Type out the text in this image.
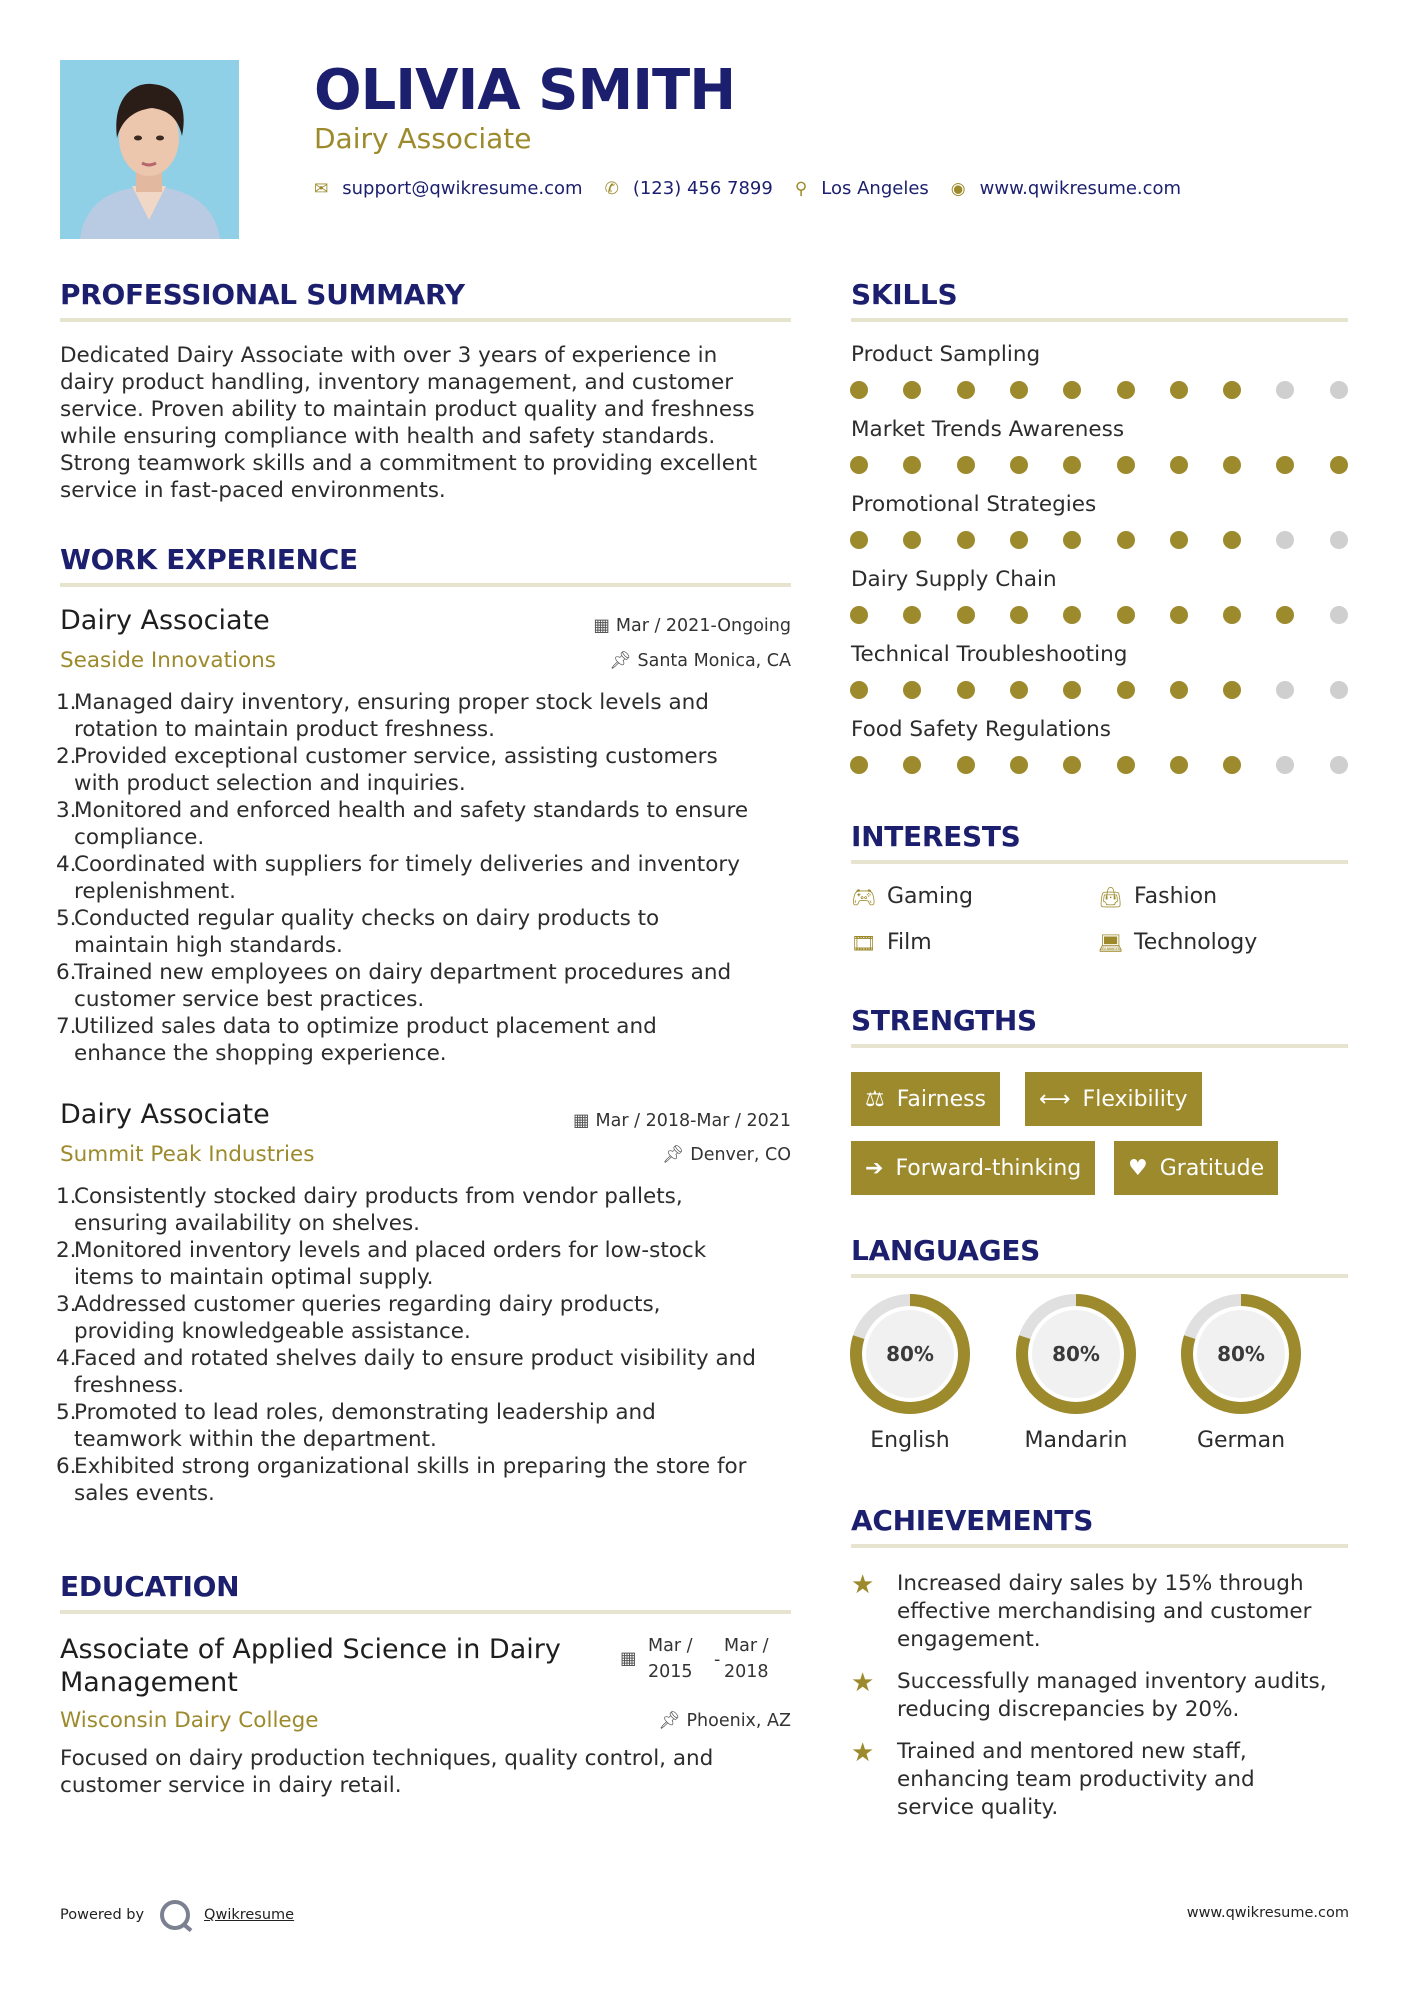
OLIVIA SMITH
Dairy Associate
✉ support@qwikresume.com ✆ (123) 456 7899 ⚲ Los Angeles ◉ www.qwikresume.com
PROFESSIONAL SUMMARY
Dedicated Dairy Associate with over 3 years of experience in
dairy product handling, inventory management, and customer
service. Proven ability to maintain product quality and freshness
while ensuring compliance with health and safety standards.
Strong teamwork skills and a commitment to providing excellent
service in fast-paced environments.
WORK EXPERIENCE
Dairy Associate	▦ Mar / 2021-Ongoing
Seaside Innovations	📌︎ Santa Monica, CA
1.
Managed dairy inventory, ensuring proper stock levels and
rotation to maintain product freshness.
2.
Provided exceptional customer service, assisting customers
with product selection and inquiries.
3.
Monitored and enforced health and safety standards to ensure
compliance.
4.
Coordinated with suppliers for timely deliveries and inventory
replenishment.
5.
Conducted regular quality checks on dairy products to
maintain high standards.
6.
Trained new employees on dairy department procedures and
customer service best practices.
7.
Utilized sales data to optimize product placement and
enhance the shopping experience.
Dairy Associate	▦ Mar / 2018-Mar / 2021
Summit Peak Industries	📌︎ Denver, CO
1.
Consistently stocked dairy products from vendor pallets,
ensuring availability on shelves.
2.
Monitored inventory levels and placed orders for low-stock
items to maintain optimal supply.
3.
Addressed customer queries regarding dairy products,
providing knowledgeable assistance.
4.
Faced and rotated shelves daily to ensure product visibility and
freshness.
5.
Promoted to lead roles, demonstrating leadership and
teamwork within the department.
6.
Exhibited strong organizational skills in preparing the store for
sales events.
EDUCATION
Associate of Applied Science in Dairy
Management
▦
Mar /
2015
-
Mar /
2018
Wisconsin Dairy College	📌︎ Phoenix, AZ
Focused on dairy production techniques, quality control, and
customer service in dairy retail.
SKILLS
Product Sampling
Market Trends Awareness
Promotional Strategies
Dairy Supply Chain
Technical Troubleshooting
Food Safety Regulations
INTERESTS
🎮︎ Gaming	👜︎ Fashion
🎞︎ Film	💻︎ Technology
STRENGTHS
⚖ Fairness ⟷ Flexibility
➔ Forward-thinking ♥ Gratitude
LANGUAGES
80%
English
80%
Mandarin
80%
German
ACHIEVEMENTS
★	Increased dairy sales by 15% through
effective merchandising and customer
engagement.
★	Successfully managed inventory audits,
reducing discrepancies by 20%.
★	Trained and mentored new staff,
enhancing team productivity and
service quality.
Powered by	Qwikresume	www.qwikresume.com
